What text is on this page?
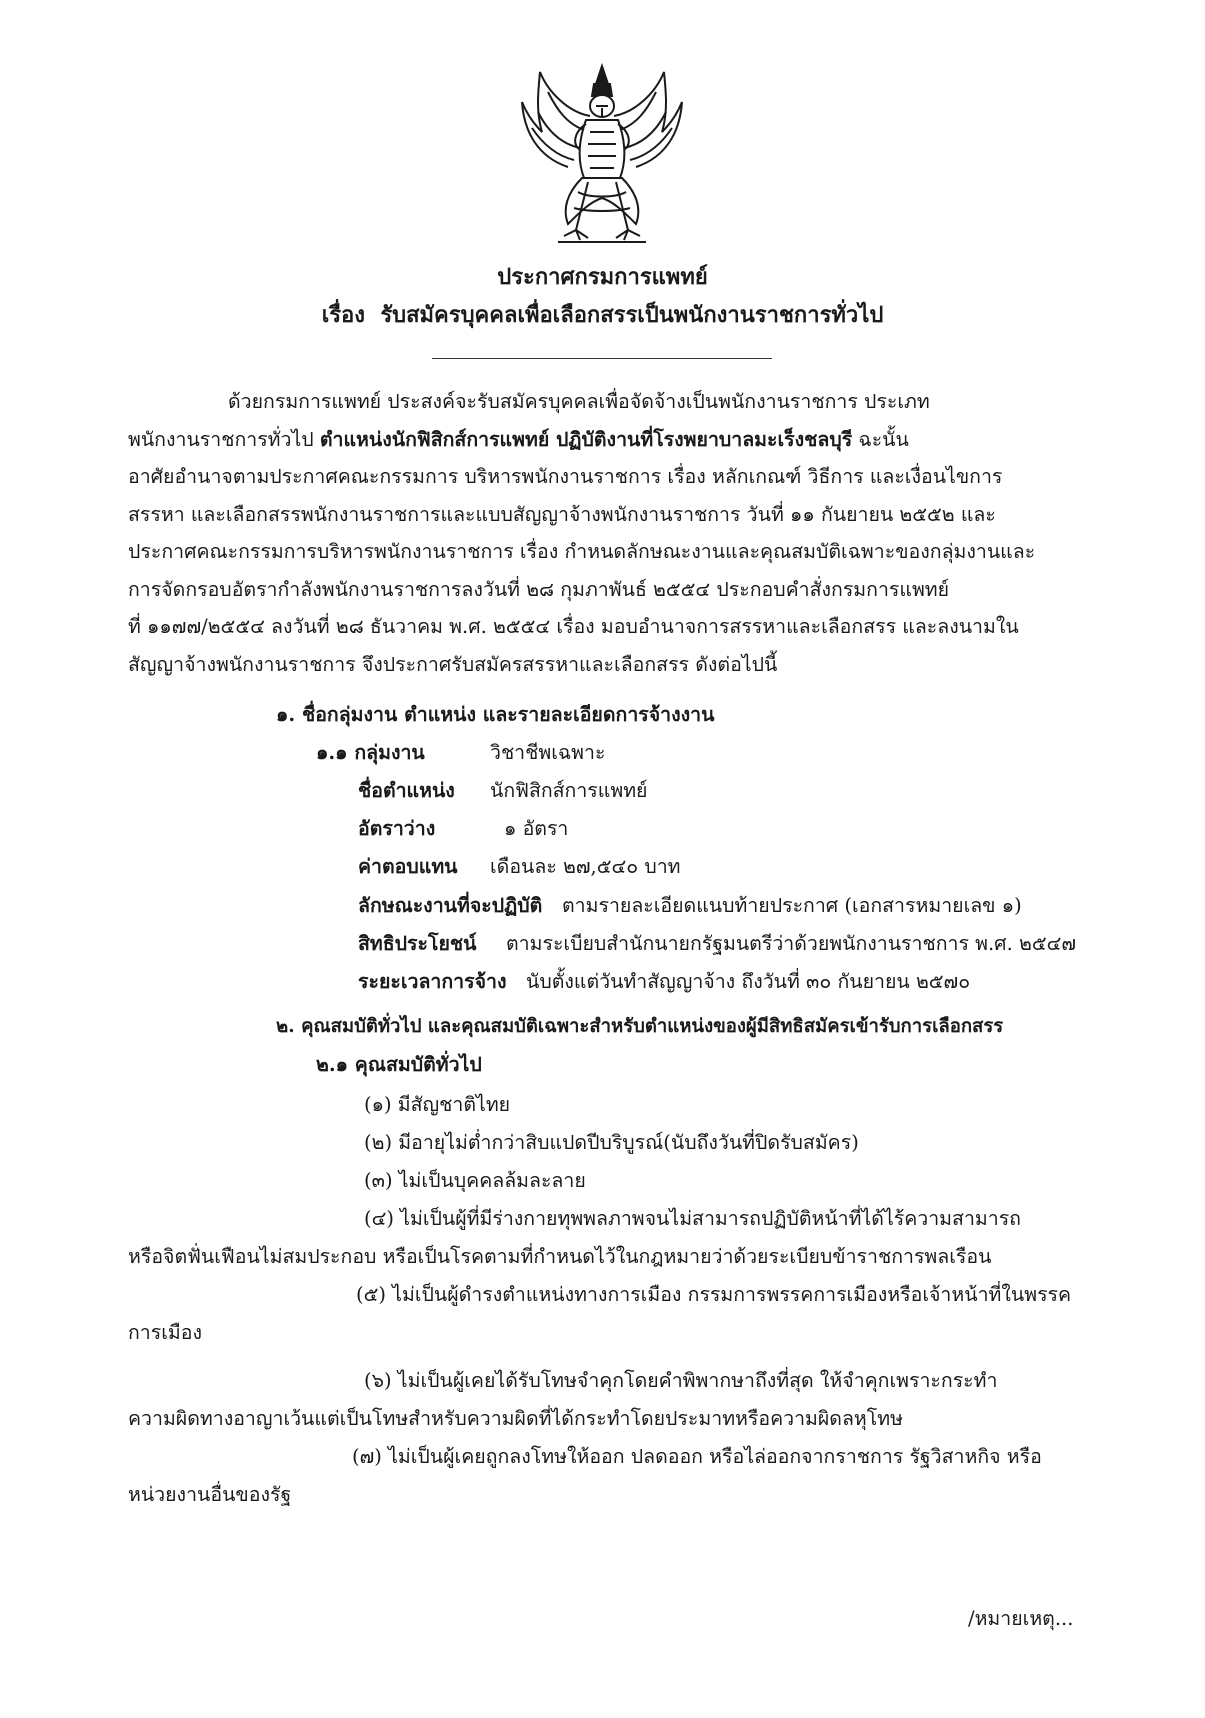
ประกาศกรมการแพทย์
เรื่อง รับสมัครบุคคลเพื่อเลือกสรรเป็นพนักงานราชการทั่วไป
ด้วยกรมการแพทย์ ประสงค์จะรับสมัครบุคคลเพื่อจัดจ้างเป็นพนักงานราชการ ประเภท
พนักงานราชการทั่วไป ตำแหน่งนักฟิสิกส์การแพทย์ ปฏิบัติงานที่โรงพยาบาลมะเร็งชลบุรี ฉะนั้น
อาศัยอำนาจตามประกาศคณะกรรมการ บริหารพนักงานราชการ เรื่อง หลักเกณฑ์ วิธีการ และเงื่อนไขการ
สรรหา และเลือกสรรพนักงานราชการและแบบสัญญาจ้างพนักงานราชการ วันที่ ๑๑ กันยายน ๒๕๕๒ และ
ประกาศคณะกรรมการบริหารพนักงานราชการ เรื่อง กำหนดลักษณะงานและคุณสมบัติเฉพาะของกลุ่มงานและ
การจัดกรอบอัตรากำลังพนักงานราชการลงวันที่ ๒๘ กุมภาพันธ์ ๒๕๕๔ ประกอบคำสั่งกรมการแพทย์
ที่ ๑๑๗๗/๒๕๕๔ ลงวันที่ ๒๘ ธันวาคม พ.ศ. ๒๕๕๔ เรื่อง มอบอำนาจการสรรหาและเลือกสรร และลงนามใน
สัญญาจ้างพนักงานราชการ จึงประกาศรับสมัครสรรหาและเลือกสรร ดังต่อไปนี้
๑. ชื่อกลุ่มงาน ตำแหน่ง และรายละเอียดการจ้างงาน
๑.๑ กลุ่มงาน	วิชาชีพเฉพาะ
ชื่อตำแหน่ง นักฟิสิกส์การแพทย์
อัตราว่าง	๑ อัตรา
ค่าตอบแทน เดือนละ ๒๗,๕๔๐ บาท
ลักษณะงานที่จะปฏิบัติ ตามรายละเอียดแนบท้ายประกาศ (เอกสารหมายเลข ๑)
สิทธิประโยชน์ ตามระเบียบสำนักนายกรัฐมนตรีว่าด้วยพนักงานราชการ พ.ศ. ๒๕๔๗
ระยะเวลาการจ้าง นับตั้งแต่วันทำสัญญาจ้าง ถึงวันที่ ๓๐ กันยายน ๒๕๗๐
๒. คุณสมบัติทั่วไป และคุณสมบัติเฉพาะสำหรับตำแหน่งของผู้มีสิทธิสมัครเข้ารับการเลือกสรร
๒.๑ คุณสมบัติทั่วไป
(๑) มีสัญชาติไทย
(๒) มีอายุไม่ต่ำกว่าสิบแปดปีบริบูรณ์(นับถึงวันที่ปิดรับสมัคร)
(๓) ไม่เป็นบุคคลล้มละลาย
(๔) ไม่เป็นผู้ที่มีร่างกายทุพพลภาพจนไม่สามารถปฏิบัติหน้าที่ได้ไร้ความสามารถ
หรือจิตฟั่นเฟือนไม่สมประกอบ หรือเป็นโรคตามที่กำหนดไว้ในกฎหมายว่าด้วยระเบียบข้าราชการพลเรือน
(๕) ไม่เป็นผู้ดำรงตำแหน่งทางการเมือง กรรมการพรรคการเมืองหรือเจ้าหน้าที่ในพรรค
การเมือง
(๖) ไม่เป็นผู้เคยได้รับโทษจำคุกโดยคำพิพากษาถึงที่สุด ให้จำคุกเพราะกระทำ
ความผิดทางอาญาเว้นแต่เป็นโทษสำหรับความผิดที่ได้กระทำโดยประมาทหรือความผิดลหุโทษ
(๗) ไม่เป็นผู้เคยถูกลงโทษให้ออก ปลดออก หรือไล่ออกจากราชการ รัฐวิสาหกิจ หรือ
หน่วยงานอื่นของรัฐ
/หมายเหตุ...
